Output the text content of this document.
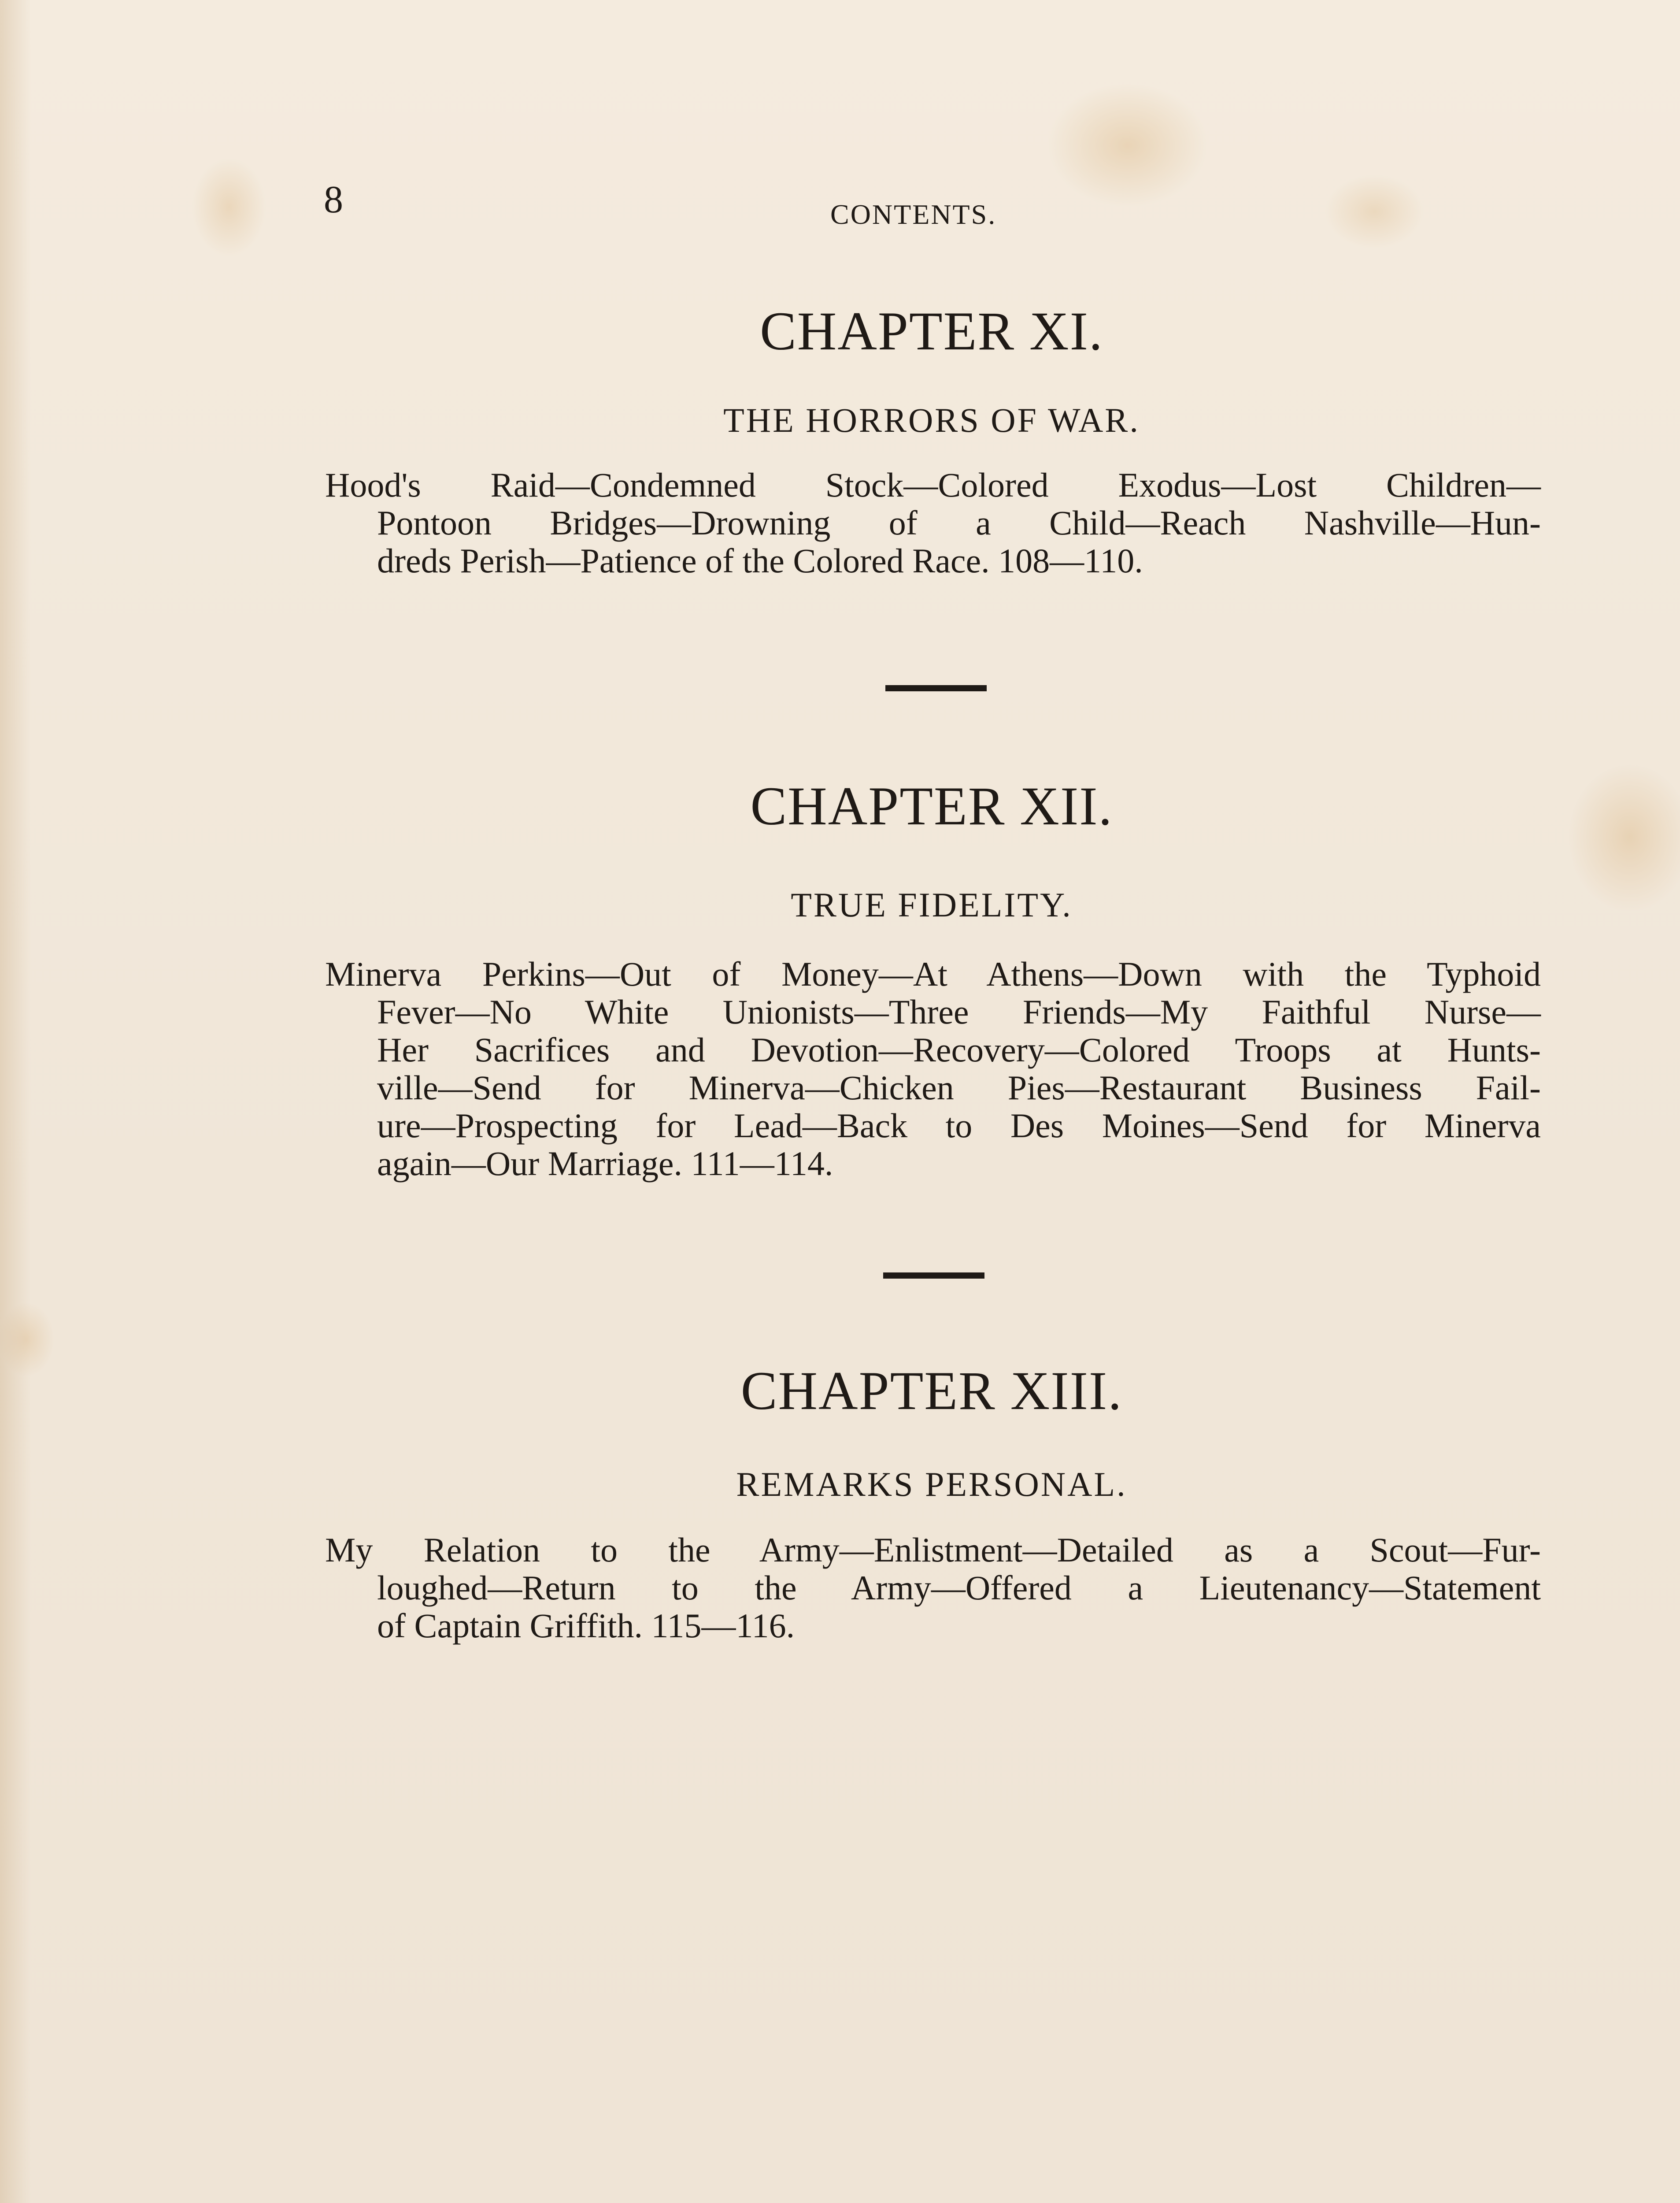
8	CONTENTS.
CHAPTER XI.
THE HORRORS OF WAR.
Hood's Raid—Condemned Stock—Colored Exodus—Lost Children—
Pontoon Bridges—Drowning of a Child—Reach Nashville—Hun-
dreds Perish—Patience of the Colored Race. 108—110.
CHAPTER XII.
TRUE FIDELITY.
Minerva Perkins—Out of Money—At Athens—Down with the Typhoid
Fever—No White Unionists—Three Friends—My Faithful Nurse—
Her Sacrifices and Devotion—Recovery—Colored Troops at Hunts-
ville—Send for Minerva—Chicken Pies—Restaurant Business Fail-
ure—Prospecting for Lead—Back to Des Moines—Send for Minerva
again—Our Marriage. 111—114.
CHAPTER XIII.
REMARKS PERSONAL.
My Relation to the Army—Enlistment—Detailed as a Scout—Fur-
loughed—Return to the Army—Offered a Lieutenancy—Statement
of Captain Griffith. 115—116.
